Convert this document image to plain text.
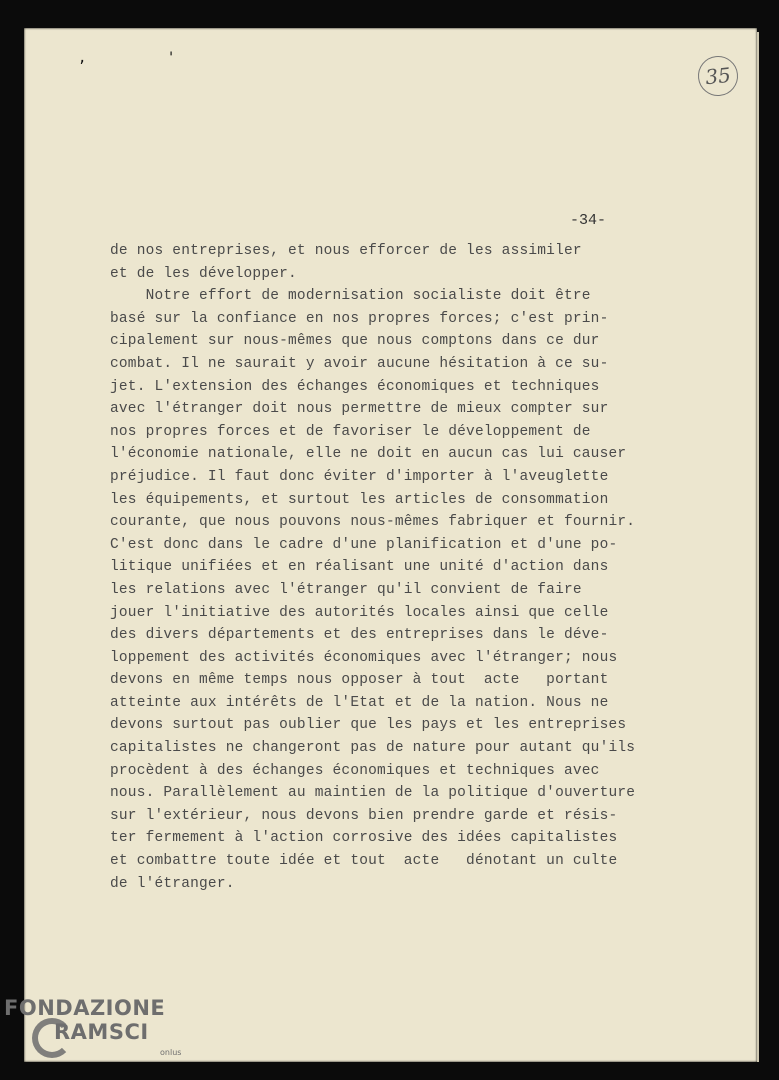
, '
35
-34-
de nos entreprises, et nous efforcer de les assimiler
et de les développer.
Notre effort de modernisation socialiste doit être
basé sur la confiance en nos propres forces; c'est prin-
cipalement sur nous-mêmes que nous comptons dans ce dur
combat. Il ne saurait y avoir aucune hésitation à ce su-
jet. L'extension des échanges économiques et techniques
avec l'étranger doit nous permettre de mieux compter sur
nos propres forces et de favoriser le développement de
l'économie nationale, elle ne doit en aucun cas lui causer
préjudice. Il faut donc éviter d'importer à l'aveuglette
les équipements, et surtout les articles de consommation
courante, que nous pouvons nous-mêmes fabriquer et fournir.
C'est donc dans le cadre d'une planification et d'une po-
litique unifiées et en réalisant une unité d'action dans
les relations avec l'étranger qu'il convient de faire
jouer l'initiative des autorités locales ainsi que celle
des divers départements et des entreprises dans le déve-
loppement des activités économiques avec l'étranger; nous
devons en même temps nous opposer à tout  acte   portant
atteinte aux intérêts de l'Etat et de la nation. Nous ne
devons surtout pas oublier que les pays et les entreprises
capitalistes ne changeront pas de nature pour autant qu'ils
procèdent à des échanges économiques et techniques avec
nous. Parallèlement au maintien de la politique d'ouverture
sur l'extérieur, nous devons bien prendre garde et résis-
ter fermement à l'action corrosive des idées capitalistes
et combattre toute idée et tout  acte   dénotant un culte
de l'étranger.
FONDAZIONE
RAMSCI
onlus
